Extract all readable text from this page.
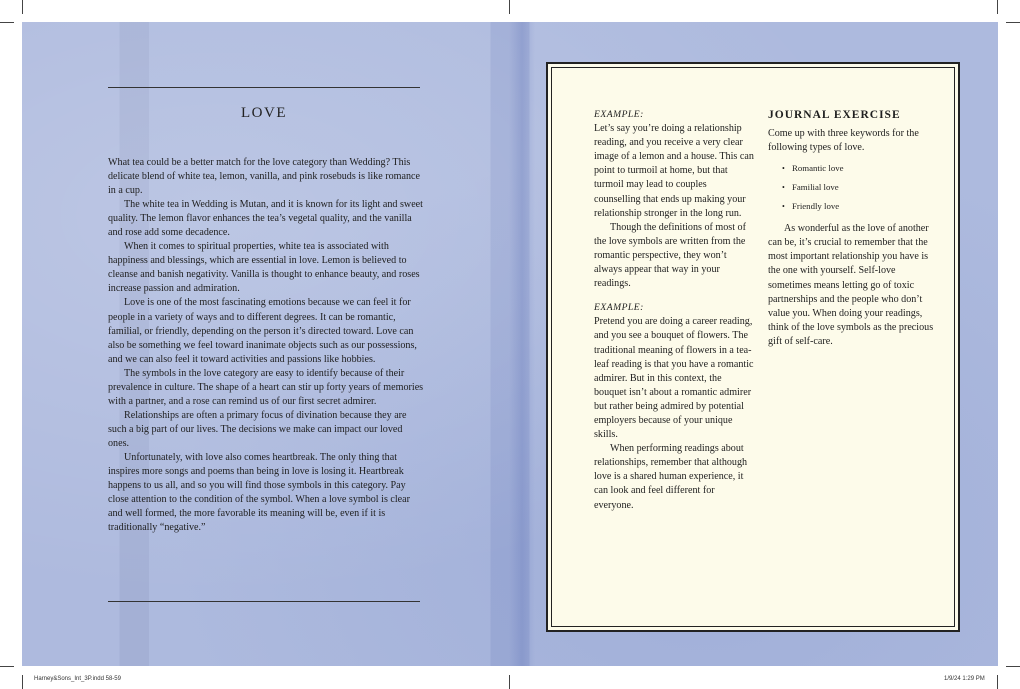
LOVE

What tea could be a better match for the love category than Wedding? This delicate blend of white tea, lemon, vanilla, and pink rosebuds is like romance in a cup.

The white tea in Wedding is Mutan, and it is known for its light and sweet quality. The lemon flavor enhances the tea’s vegetal quality, and the vanilla and rose add some decadence.

When it comes to spiritual properties, white tea is associated with happiness and blessings, which are essential in love. Lemon is believed to cleanse and banish negativity. Vanilla is thought to enhance beauty, and roses increase passion and admiration.

Love is one of the most fascinating emotions because we can feel it for people in a variety of ways and to different degrees. It can be romantic, familial, or friendly, depending on the person it’s directed toward. Love can also be something we feel toward inanimate objects such as our possessions, and we can also feel it toward activities and passions like hobbies.

The symbols in the love category are easy to identify because of their prevalence in culture. The shape of a heart can stir up forty years of memories with a partner, and a rose can remind us of our first secret admirer.

Relationships are often a primary focus of divination because they are such a big part of our lives. The decisions we make can impact our loved ones.

Unfortunately, with love also comes heartbreak. The only thing that inspires more songs and poems than being in love is losing it. Heartbreak happens to us all, and so you will find those symbols in this category. Pay close attention to the condition of the symbol. When a love symbol is clear and well formed, the more favorable its meaning will be, even if it is traditionally “negative.”

EXAMPLE:

Let’s say you’re doing a relationship reading, and you receive a very clear image of a lemon and a house. This can point to turmoil at home, but that turmoil may lead to couples counselling that ends up making your relationship stronger in the long run.

Though the definitions of most of the love symbols are written from the romantic perspective, they won’t always appear that way in your readings.

EXAMPLE:

Pretend you are doing a career reading, and you see a bouquet of flowers. The traditional meaning of flowers in a tea-leaf reading is that you have a romantic admirer. But in this context, the bouquet isn’t about a romantic admirer but rather being admired by potential employers because of your unique skills.

When performing readings about relationships, remember that although love is a shared human experience, it can look and feel different for everyone.

JOURNAL EXERCISE

Come up with three keywords for the following types of love.

• Romantic love
• Familial love
• Friendly love

As wonderful as the love of another can be, it’s crucial to remember that the most important relationship you have is the one with yourself. Self-love sometimes means letting go of toxic partnerships and the people who don’t value you. When doing your readings, think of the love symbols as the precious gift of self-care.

Harney&Sons_Int_3P.indd 58-59	1/9/24 1:29 PM
